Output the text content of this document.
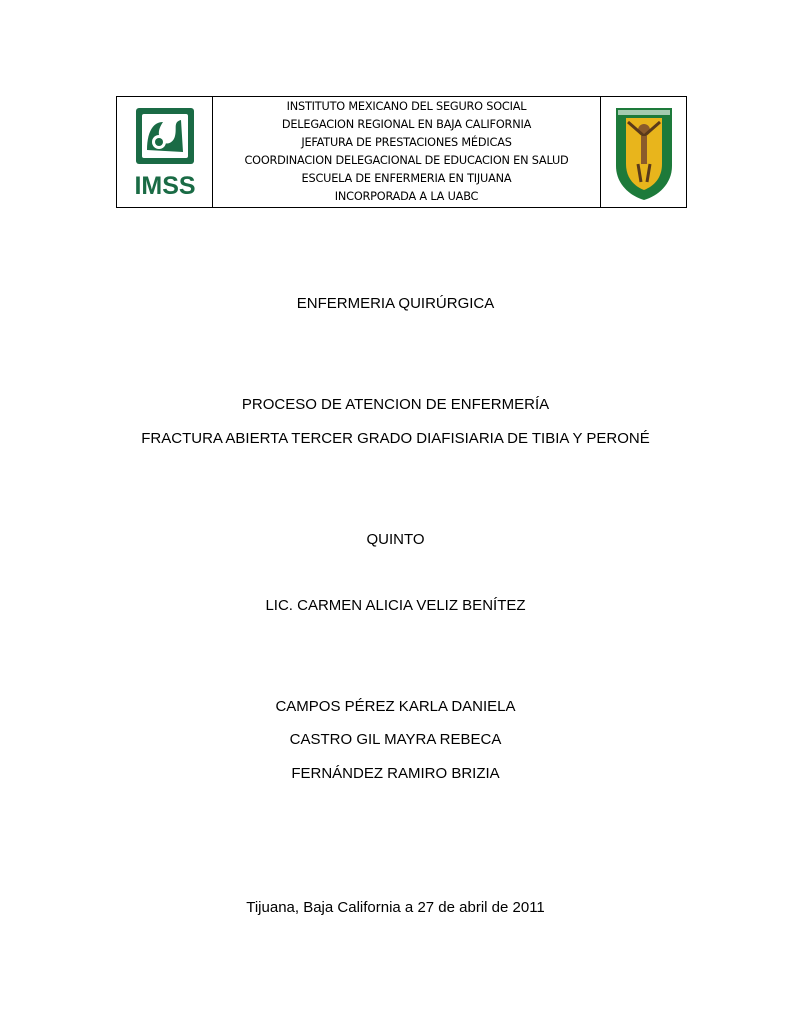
IMSS
INSTITUTO MEXICANO DEL SEGURO SOCIAL
DELEGACION REGIONAL EN BAJA CALIFORNIA
JEFATURA DE PRESTACIONES MÉDICAS
COORDINACION DELEGACIONAL DE EDUCACION EN SALUD
ESCUELA DE ENFERMERIA EN TIJUANA
INCORPORADA A LA UABC
ENFERMERIA QUIRÚRGICA
PROCESO DE ATENCION DE ENFERMERÍA
FRACTURA ABIERTA TERCER GRADO DIAFISIARIA DE TIBIA Y PERONÉ
QUINTO
LIC. CARMEN ALICIA VELIZ BENÍTEZ
CAMPOS PÉREZ KARLA DANIELA
CASTRO GIL MAYRA REBECA
FERNÁNDEZ RAMIRO BRIZIA
Tijuana, Baja California a 27 de abril de 2011
